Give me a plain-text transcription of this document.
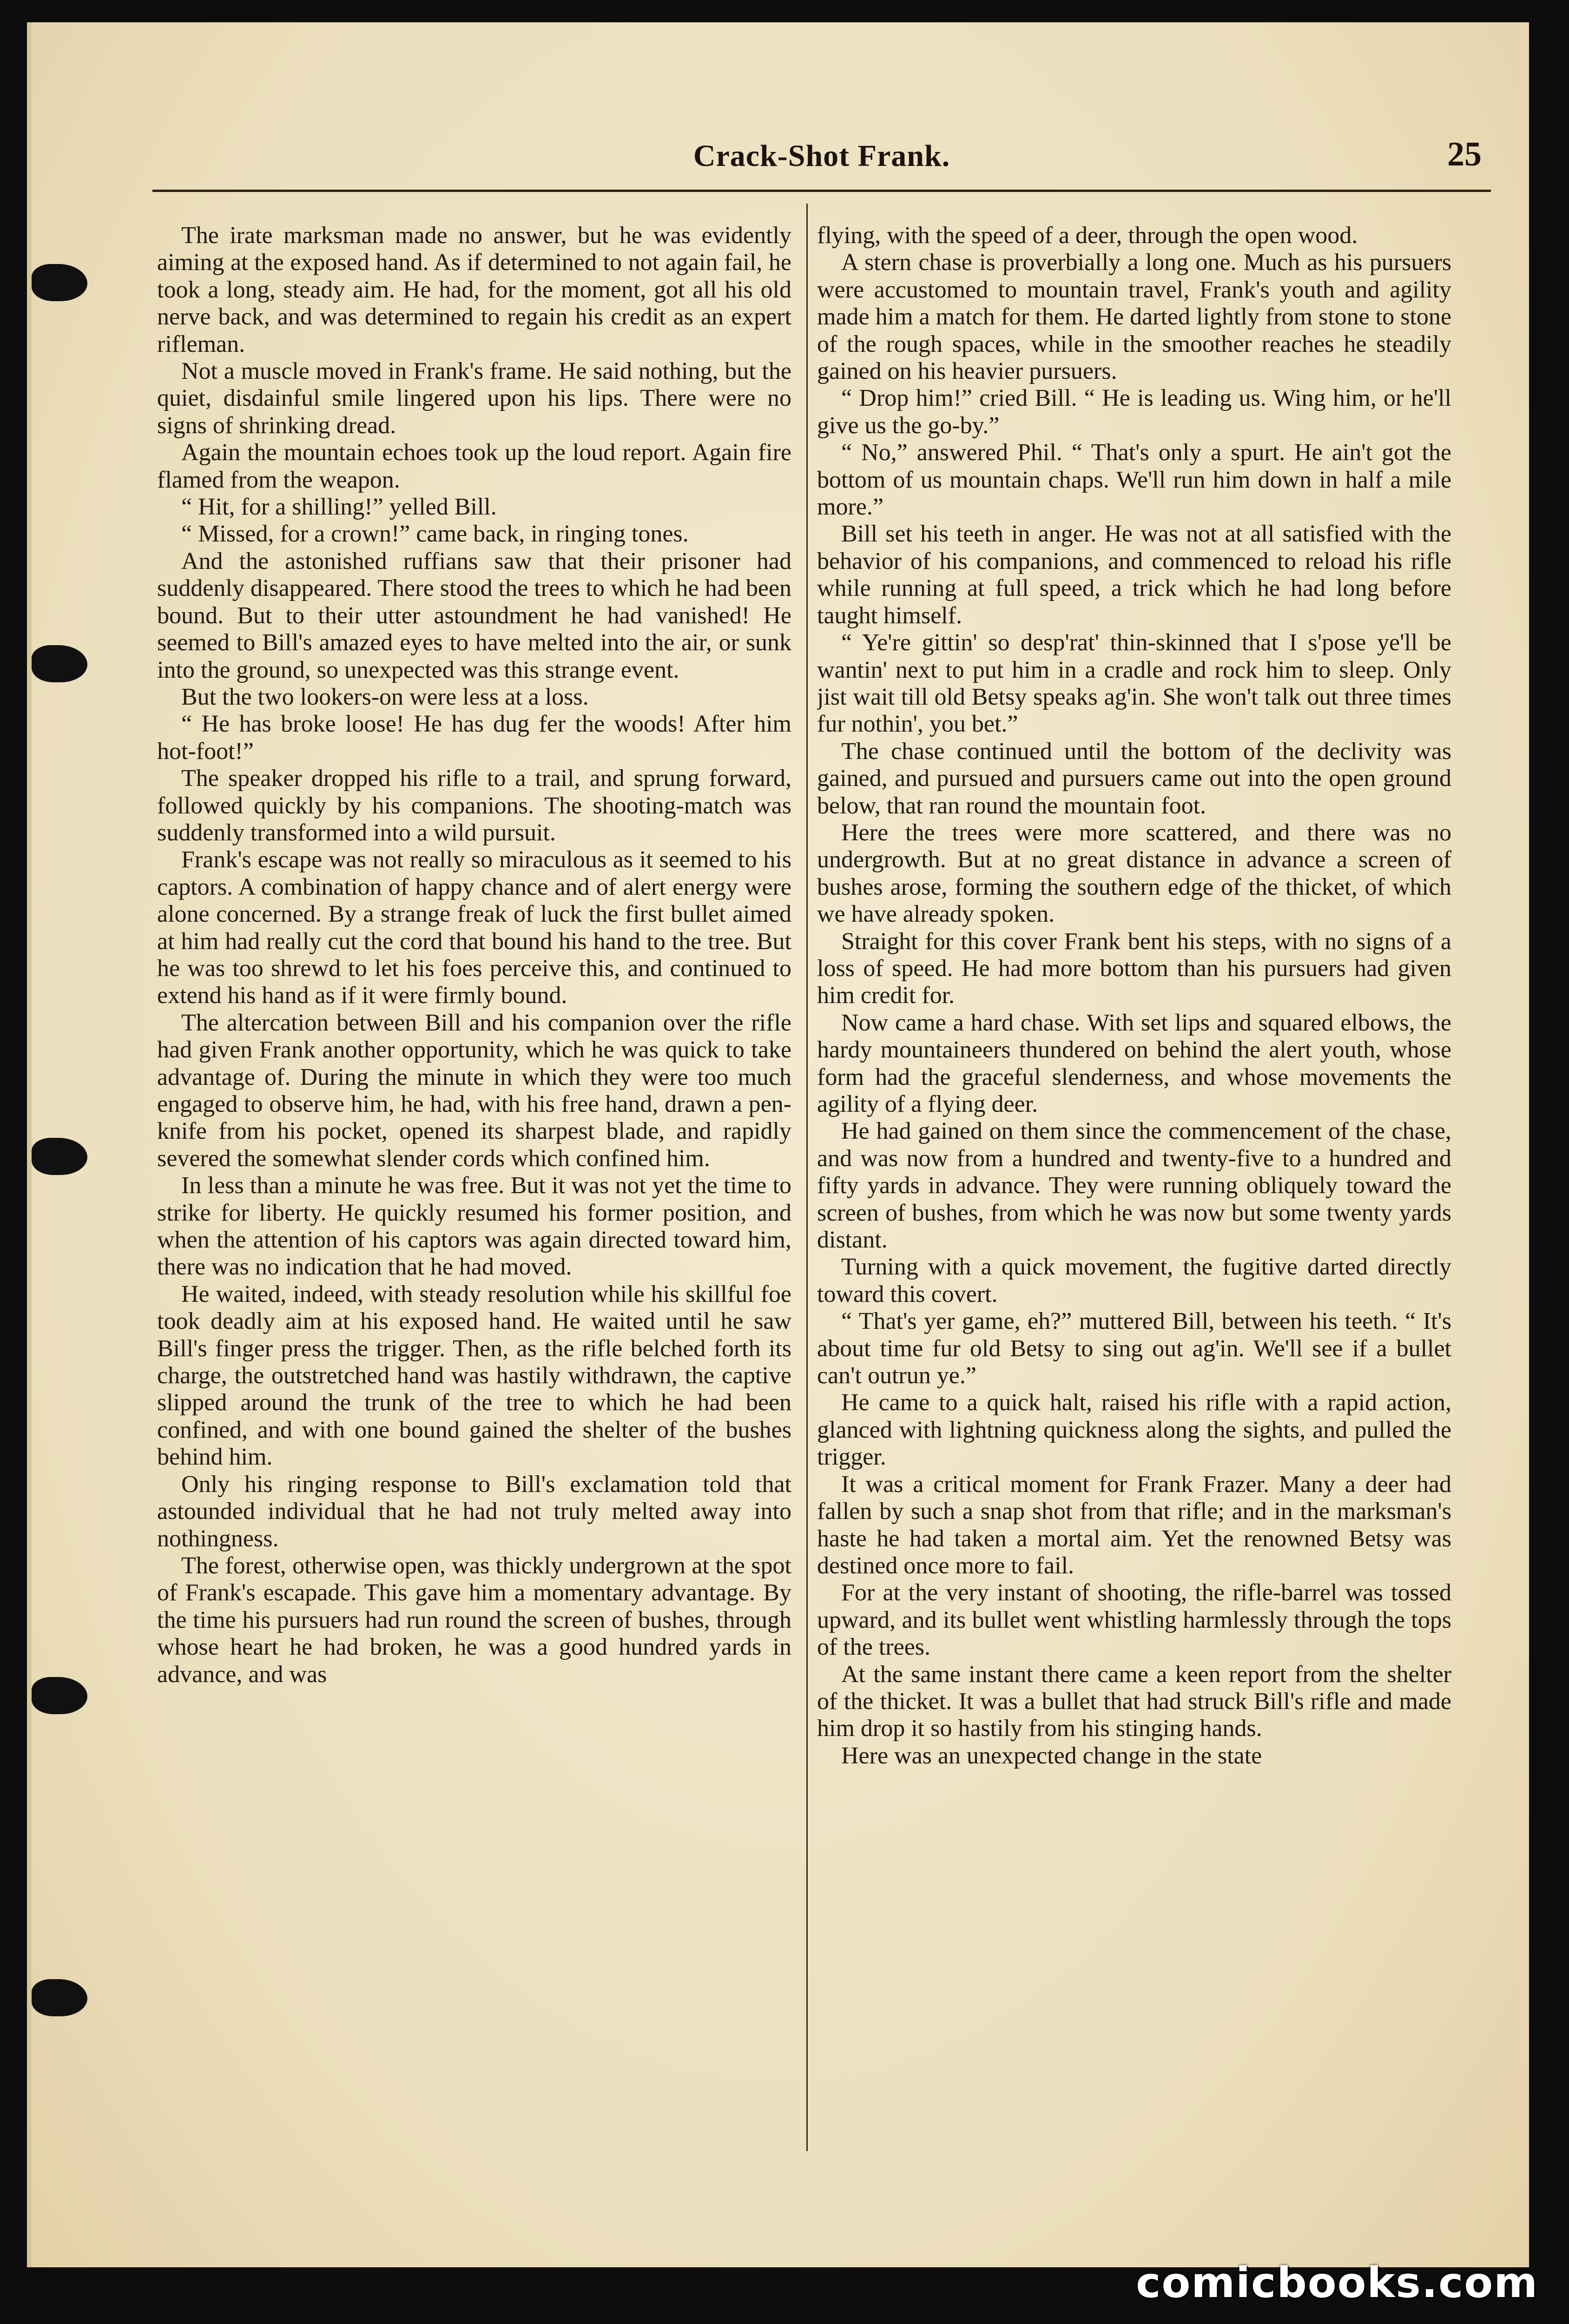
Crack-Shot Frank.	25

The irate marksman made no answer, but he was evidently aiming at the exposed hand. As if determined to not again fail, he took a long, steady aim. He had, for the moment, got all his old nerve back, and was determined to regain his credit as an expert rifleman.

Not a muscle moved in Frank's frame. He said nothing, but the quiet, disdainful smile lingered upon his lips. There were no signs of shrinking dread.

Again the mountain echoes took up the loud report. Again fire flamed from the weapon.

“ Hit, for a shilling!” yelled Bill.

“ Missed, for a crown!” came back, in ringing tones.

And the astonished ruffians saw that their prisoner had suddenly disappeared. There stood the trees to which he had been bound. But to their utter astoundment he had vanished! He seemed to Bill's amazed eyes to have melted into the air, or sunk into the ground, so unexpected was this strange event.

But the two lookers-on were less at a loss.

“ He has broke loose! He has dug fer the woods! After him hot-foot!”

The speaker dropped his rifle to a trail, and sprung forward, followed quickly by his companions. The shooting-match was suddenly transformed into a wild pursuit.

Frank's escape was not really so miraculous as it seemed to his captors. A combination of happy chance and of alert energy were alone concerned. By a strange freak of luck the first bullet aimed at him had really cut the cord that bound his hand to the tree. But he was too shrewd to let his foes perceive this, and continued to extend his hand as if it were firmly bound.

The altercation between Bill and his companion over the rifle had given Frank another opportunity, which he was quick to take advantage of. During the minute in which they were too much engaged to observe him, he had, with his free hand, drawn a pen-knife from his pocket, opened its sharpest blade, and rapidly severed the somewhat slender cords which confined him.

In less than a minute he was free. But it was not yet the time to strike for liberty. He quickly resumed his former position, and when the attention of his captors was again directed toward him, there was no indication that he had moved.

He waited, indeed, with steady resolution while his skillful foe took deadly aim at his exposed hand. He waited until he saw Bill's finger press the trigger. Then, as the rifle belched forth its charge, the outstretched hand was hastily withdrawn, the captive slipped around the trunk of the tree to which he had been confined, and with one bound gained the shelter of the bushes behind him.

Only his ringing response to Bill's exclamation told that astounded individual that he had not truly melted away into nothingness.

The forest, otherwise open, was thickly undergrown at the spot of Frank's escapade. This gave him a momentary advantage. By the time his pursuers had run round the screen of bushes, through whose heart he had broken, he was a good hundred yards in advance, and was

flying, with the speed of a deer, through the open wood.

A stern chase is proverbially a long one. Much as his pursuers were accustomed to mountain travel, Frank's youth and agility made him a match for them. He darted lightly from stone to stone of the rough spaces, while in the smoother reaches he steadily gained on his heavier pursuers.

“ Drop him!” cried Bill. “ He is leading us. Wing him, or he'll give us the go-by.”

“ No,” answered Phil. “ That's only a spurt. He ain't got the bottom of us mountain chaps. We'll run him down in half a mile more.”

Bill set his teeth in anger. He was not at all satisfied with the behavior of his companions, and commenced to reload his rifle while running at full speed, a trick which he had long before taught himself.

“ Ye're gittin' so desp'rat' thin-skinned that I s'pose ye'll be wantin' next to put him in a cradle and rock him to sleep. Only jist wait till old Betsy speaks ag'in. She won't talk out three times fur nothin', you bet.”

The chase continued until the bottom of the declivity was gained, and pursued and pursuers came out into the open ground below, that ran round the mountain foot.

Here the trees were more scattered, and there was no undergrowth. But at no great distance in advance a screen of bushes arose, forming the southern edge of the thicket, of which we have already spoken.

Straight for this cover Frank bent his steps, with no signs of a loss of speed. He had more bottom than his pursuers had given him credit for.

Now came a hard chase. With set lips and squared elbows, the hardy mountaineers thundered on behind the alert youth, whose form had the graceful slenderness, and whose movements the agility of a flying deer.

He had gained on them since the commencement of the chase, and was now from a hundred and twenty-five to a hundred and fifty yards in advance. They were running obliquely toward the screen of bushes, from which he was now but some twenty yards distant.

Turning with a quick movement, the fugitive darted directly toward this covert.

“ That's yer game, eh?” muttered Bill, between his teeth. “ It's about time fur old Betsy to sing out ag'in. We'll see if a bullet can't outrun ye.”

He came to a quick halt, raised his rifle with a rapid action, glanced with lightning quickness along the sights, and pulled the trigger.

It was a critical moment for Frank Frazer. Many a deer had fallen by such a snap shot from that rifle; and in the marksman's haste he had taken a mortal aim. Yet the renowned Betsy was destined once more to fail.

For at the very instant of shooting, the rifle-barrel was tossed upward, and its bullet went whistling harmlessly through the tops of the trees.

At the same instant there came a keen report from the shelter of the thicket. It was a bullet that had struck Bill's rifle and made him drop it so hastily from his stinging hands.

Here was an unexpected change in the state

comicbooks.com
